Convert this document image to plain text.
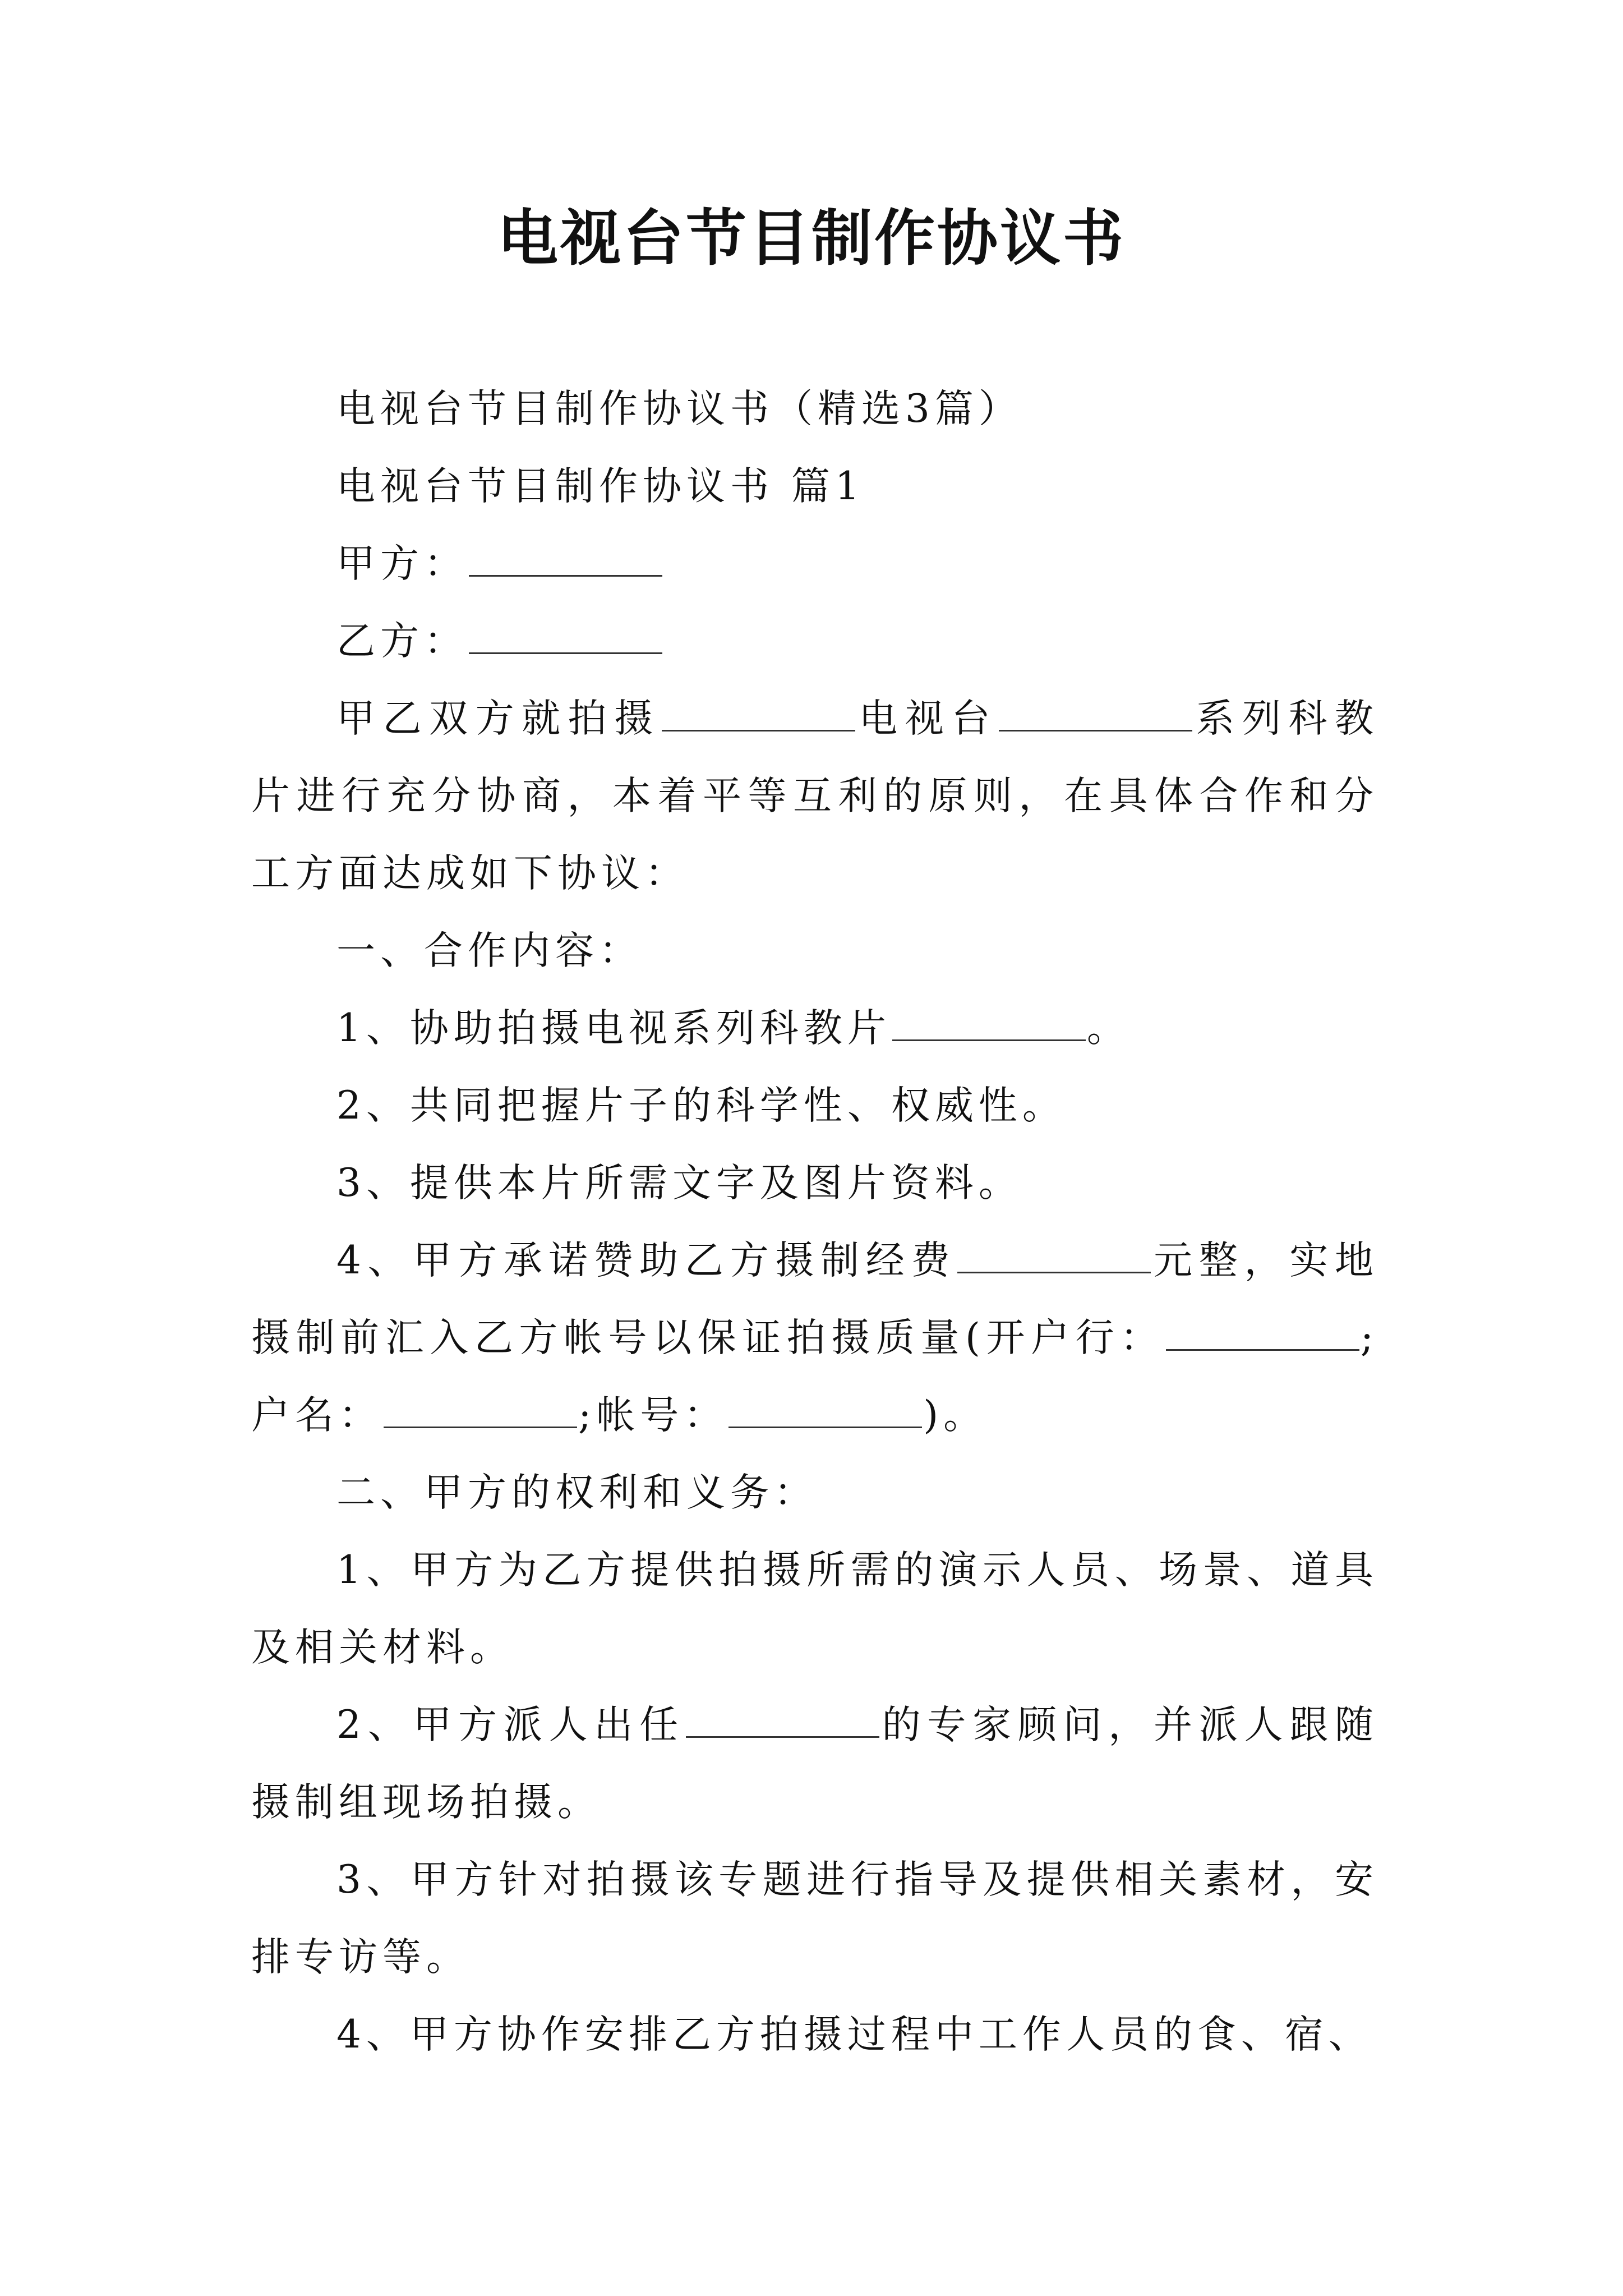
电视台节目制作协议书

电视台节目制作协议书（精选3篇）

电视台节目制作协议书 篇1

甲方：

乙方：

甲乙双方就拍摄	电视台	系列科教片进行充分协商，本着平等互利的原则，在具体合作和分工方面达成如下协议：

一、合作内容：

1、协助拍摄电视系列科教片	。

2、共同把握片子的科学性、权威性。

3、提供本片所需文字及图片资料。

4、甲方承诺赞助乙方摄制经费	元整，实地摄制前汇入乙方帐号以保证拍摄质量(开户行：	;户名：	;帐号：	)。

二、甲方的权利和义务：

1、甲方为乙方提供拍摄所需的演示人员、场景、道具及相关材料。

2、甲方派人出任	的专家顾问，并派人跟随摄制组现场拍摄。

3、甲方针对拍摄该专题进行指导及提供相关素材，安排专访等。

4、甲方协作安排乙方拍摄过程中工作人员的食、宿、
